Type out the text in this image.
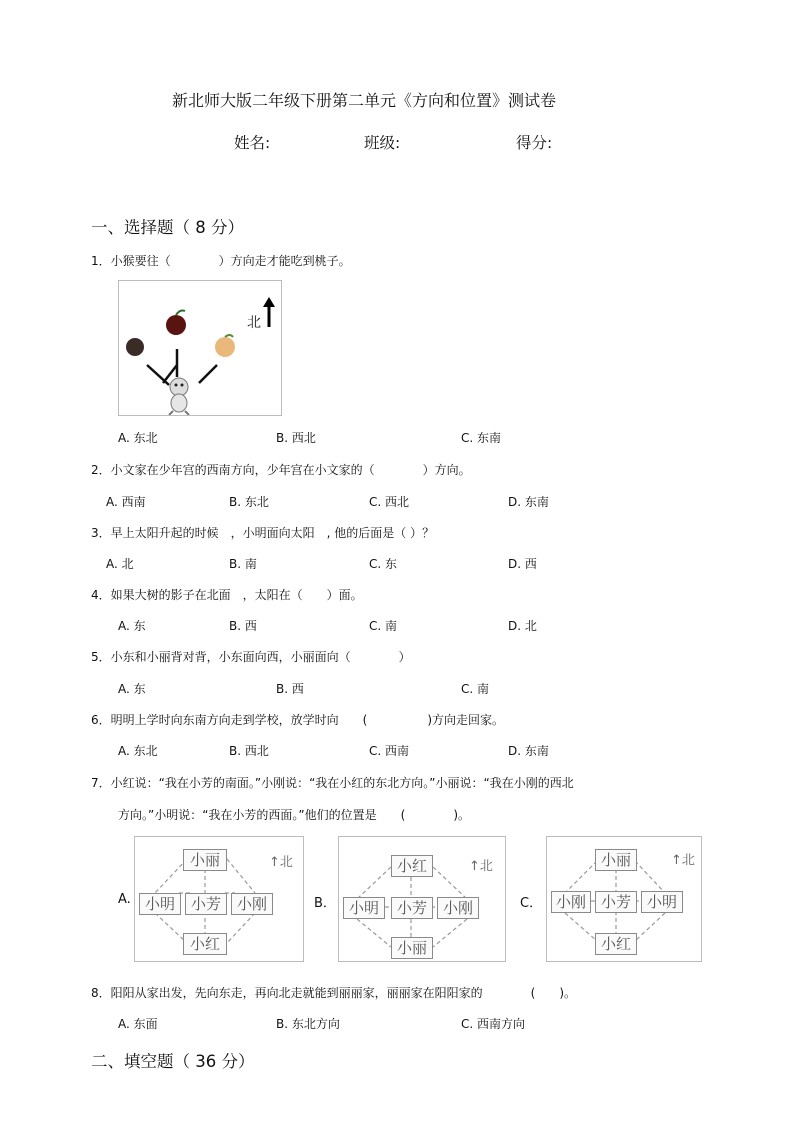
新北师大版二年级下册第二单元《方向和位置》测试卷
姓名:	班级:	得分:
一、选择题（ 8 分）
1．小猴要往（　　　　）方向走才能吃到桃子。
北
A. 东北	B. 西北	C. 东南
2．小文家在少年宫的西南方向，少年宫在小文家的（　　　　）方向。
A. 西南	B. 东北	C. 西北	D. 东南
3．早上太阳升起的时候　，小明面向太阳　, 他的后面是（ ）？
A. 北	B. 南	C. 东	D. 西
4．如果大树的影子在北面　，太阳在（　　）面。
A. 东	B. 西	C. 南	D. 北
5．小东和小丽背对背，小东面向西，小丽面向（　　　　）
A. 东	B. 西	C. 南
6．明明上学时向东南方向走到学校，放学时向　　(　　　　　)方向走回家。
A. 东北	B. 西北	C. 西南	D. 东南
7．小红说：“我在小芳的南面。”小刚说：“我在小红的东北方向。”小丽说：“我在小刚的西北
方向。”小明说：“我在小芳的西面。”他们的位置是　　(　　　　)。
A.
小丽
小明	小芳	小刚
小红
↑北
B．
小红
小明	小芳	小刚
小丽
↑北
C．
小丽
小刚 小芳	小明
小红
↑北
8．阳阳从家出发，先向东走，再向北走就能到丽丽家，丽丽家在阳阳家的　　　　(　　)。
A. 东面	B. 东北方向	C. 西南方向
二、填空题（ 36 分）
